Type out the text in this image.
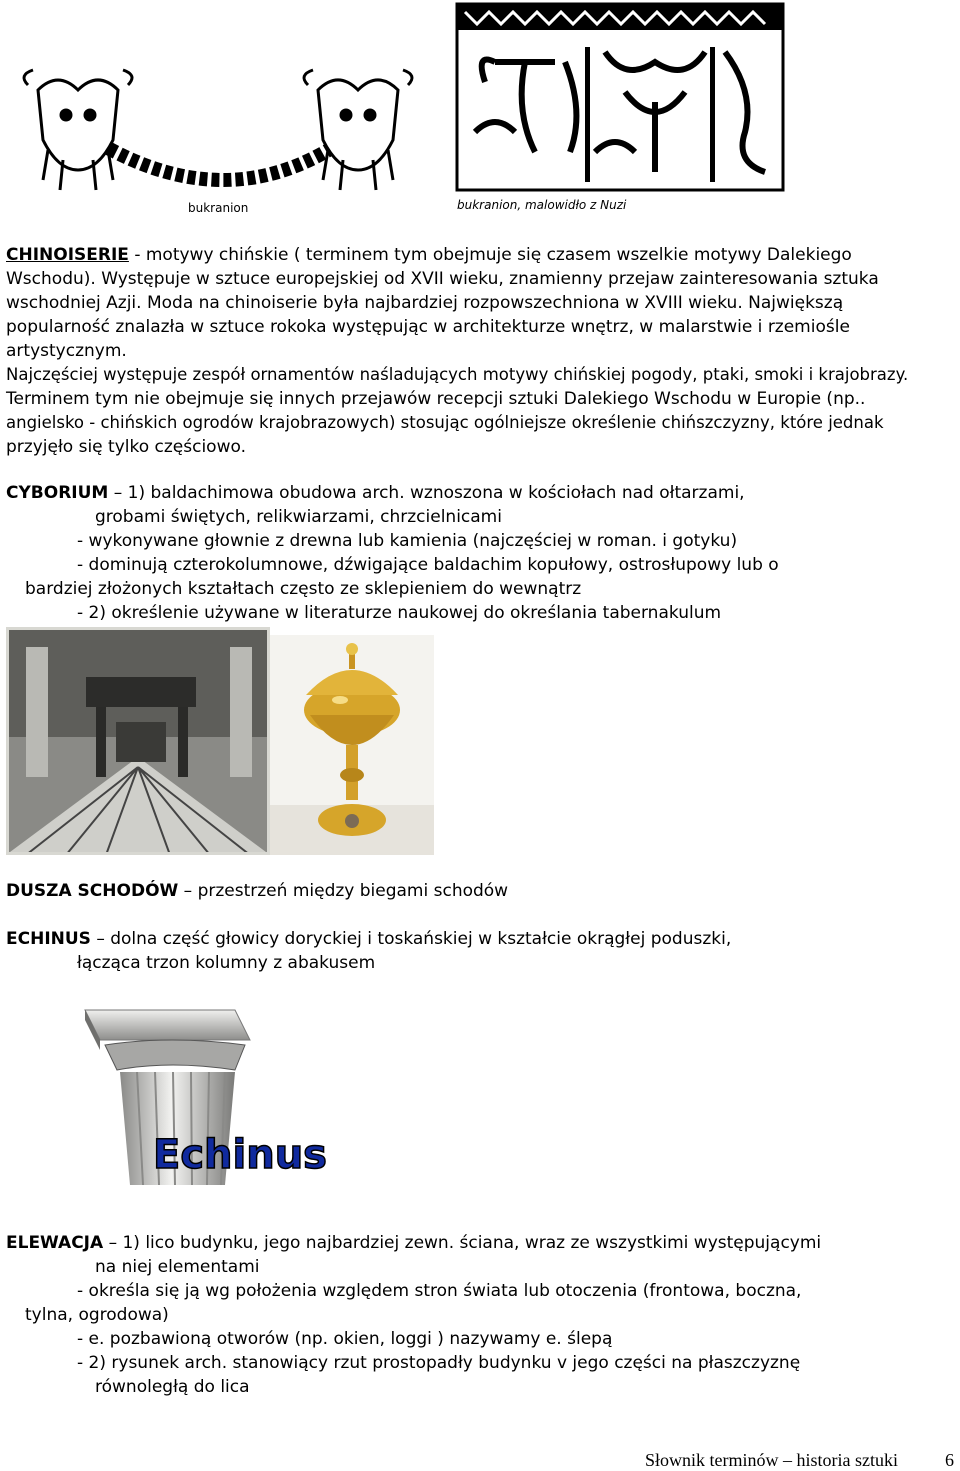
bukranion	bukranion, malowidło z Nuzi
CHINOISERIE - motywy chińskie ( terminem tym obejmuje się czasem wszelkie motywy Dalekiego
Wschodu). Występuje w sztuce europejskiej od XVII wieku, znamienny przejaw zainteresowania sztuka
wschodniej Azji. Moda na chinoiserie była najbardziej rozpowszechniona w XVIII wieku. Największą
popularność znalazła w sztuce rokoka występując w architekturze wnętrz, w malarstwie i rzemiośle
artystycznym.
Najczęściej występuje zespół ornamentów naśladujących motywy chińskiej pogody, ptaki, smoki i krajobrazy.
Terminem tym nie obejmuje się innych przejawów recepcji sztuki Dalekiego Wschodu w Europie (np..
angielsko - chińskich ogrodów krajobrazowych) stosując ogólniejsze określenie chińszczyzny, które jednak
przyjęło się tylko częściowo.
CYBORIUM – 1) baldachimowa obudowa arch. wznoszona w kościołach nad ołtarzami,
grobami świętych, relikwiarzami, chrzcielnicami
- wykonywane głownie z drewna lub kamienia (najczęściej w roman. i gotyku)
- dominują czterokolumnowe, dźwigające baldachim kopułowy, ostrosłupowy lub o
bardziej złożonych kształtach często ze sklepieniem do wewnątrz
- 2) określenie używane w literaturze naukowej do określania tabernakulum
DUSZA SCHODÓW – przestrzeń między biegami schodów
ECHINUS – dolna część głowicy doryckiej i toskańskiej w kształcie okrągłej poduszki,
łącząca trzon kolumny z abakusem
Echinus
ELEWACJA – 1) lico budynku, jego najbardziej zewn. ściana, wraz ze wszystkimi występującymi
na niej elementami
- określa się ją wg położenia względem stron świata lub otoczenia (frontowa, boczna,
tylna, ogrodowa)
- e. pozbawioną otworów (np. okien, loggi ) nazywamy e. ślepą
- 2) rysunek arch. stanowiący rzut prostopadły budynku v jego części na płaszczyznę
równoległą do lica
Słownik terminów – historia sztuki	6
